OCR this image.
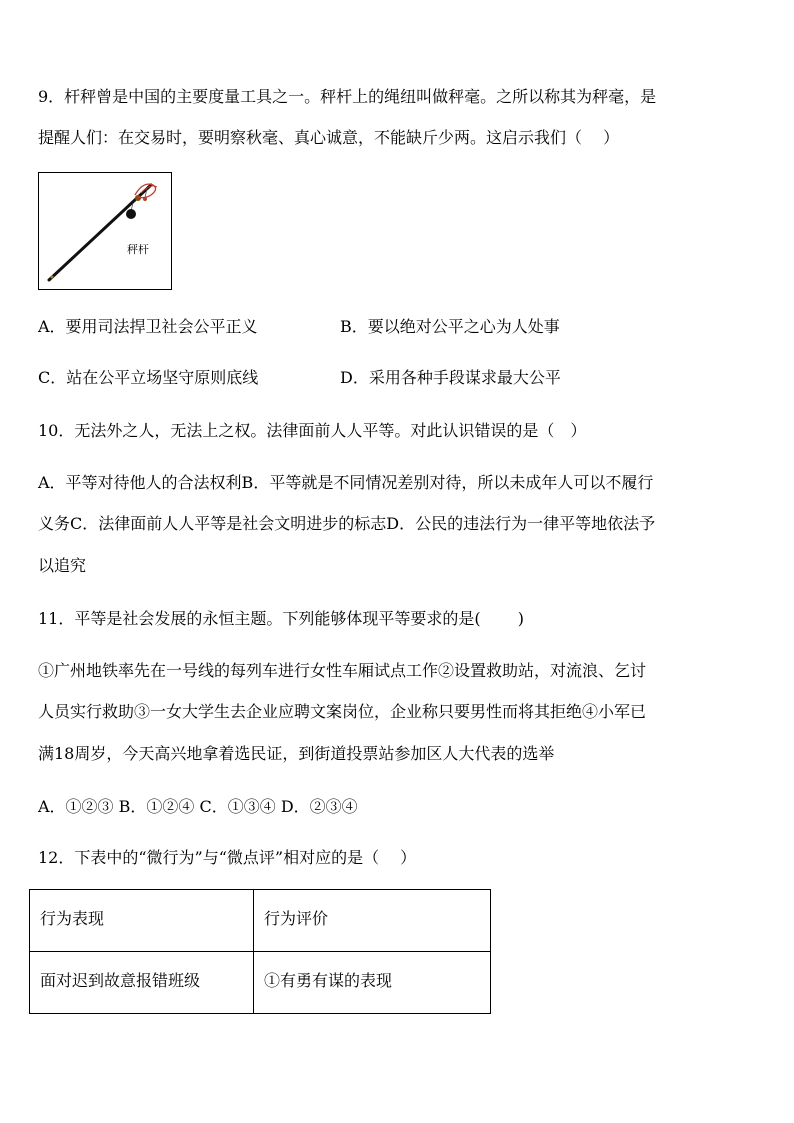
9．杆秤曾是中国的主要度量工具之一。秤杆上的绳纽叫做秤毫。之所以称其为秤毫，是
提醒人们：在交易时，要明察秋毫、真心诚意，不能缺斤少两。这启示我们（　 ）
秤杆
A．要用司法捍卫社会公平正义	B．要以绝对公平之心为人处事
C．站在公平立场坚守原则底线	D．采用各种手段谋求最大公平
10．无法外之人，无法上之权。法律面前人人平等。对此认识错误的是（　）
A．平等对待他人的合法权利B．平等就是不同情况差别对待，所以未成年人可以不履行
义务C．法律面前人人平等是社会文明进步的标志D．公民的违法行为一律平等地依法予
以追究
11．平等是社会发展的永恒主题。下列能够体现平等要求的是(　　 )
①广州地铁率先在一号线的每列车进行女性车厢试点工作②设置救助站，对流浪、乞讨
人员实行救助③一女大学生去企业应聘文案岗位，企业称只要男性而将其拒绝④小军已
满18周岁，今天高兴地拿着选民证，到街道投票站参加区人大代表的选举
A．①②③ B．①②④ C．①③④ D．②③④
12．下表中的“微行为”与“微点评”相对应的是（　 ）
行为表现	行为评价
面对迟到故意报错班级	①有勇有谋的表现
